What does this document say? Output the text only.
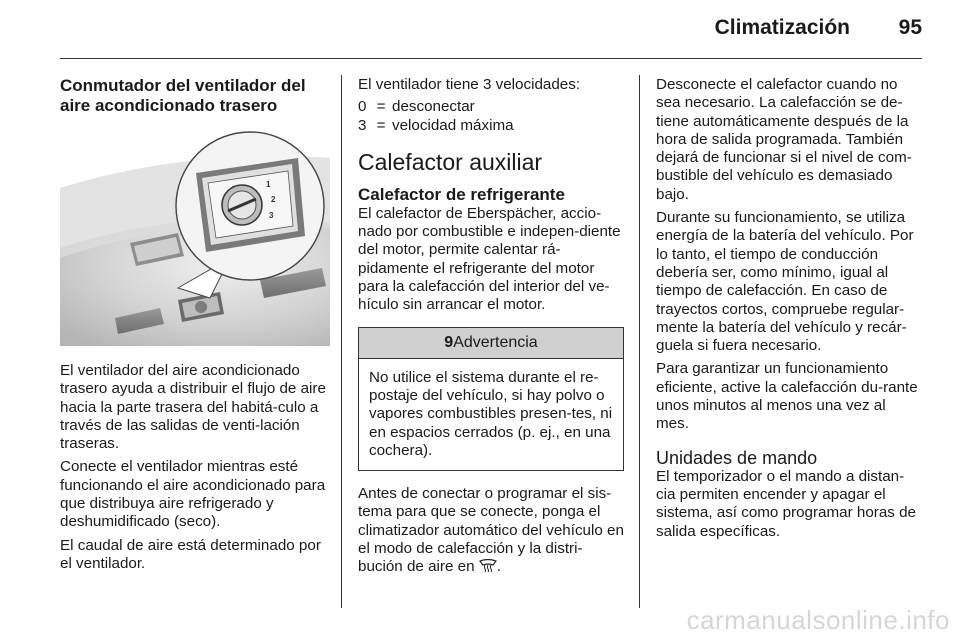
Climatización 95
Conmutador del ventilador del aire acondicionado trasero
1
2
3

El ventilador del aire acondicionado trasero ayuda a distribuir el flujo de aire hacia la parte trasera del habitá-culo a través de las salidas de venti-lación traseras.

Conecte el ventilador mientras esté funcionando el aire acondicionado para que distribuya aire refrigerado y deshumidificado (seco).

El caudal de aire está determinado por el ventilador.

El ventilador tiene 3 velocidades:

0 = desconectar
3 = velocidad máxima
Calefactor auxiliar
Calefactor de refrigerante

El calefactor de Eberspächer, accio-nado por combustible e indepen-diente del motor, permite calentar rá-pidamente el refrigerante del motor para la calefacción del interior del ve-hículo sin arrancar el motor.

9Advertencia
No utilice el sistema durante el re-postaje del vehículo, si hay polvo o vapores combustibles presen-tes, ni en espacios cerrados (p. ej., en una cochera).

Antes de conectar o programar el sis-tema para que se conecte, ponga el climatizador automático del vehículo en el modo de calefacción y la distri-bución de aire en .

Desconecte el calefactor cuando no sea necesario. La calefacción se de-tiene automáticamente después de la hora de salida programada. También dejará de funcionar si el nivel de com-bustible del vehículo es demasiado bajo.

Durante su funcionamiento, se utiliza energía de la batería del vehículo. Por lo tanto, el tiempo de conducción debería ser, como mínimo, igual al tiempo de calefacción. En caso de trayectos cortos, compruebe regular-mente la batería del vehículo y recár-guela si fuera necesario.

Para garantizar un funcionamiento eficiente, active la calefacción du-rante unos minutos al menos una vez al mes.

Unidades de mando

El temporizador o el mando a distan-cia permiten encender y apagar el sistema, así como programar horas de salida específicas.

carmanualsonline.info
